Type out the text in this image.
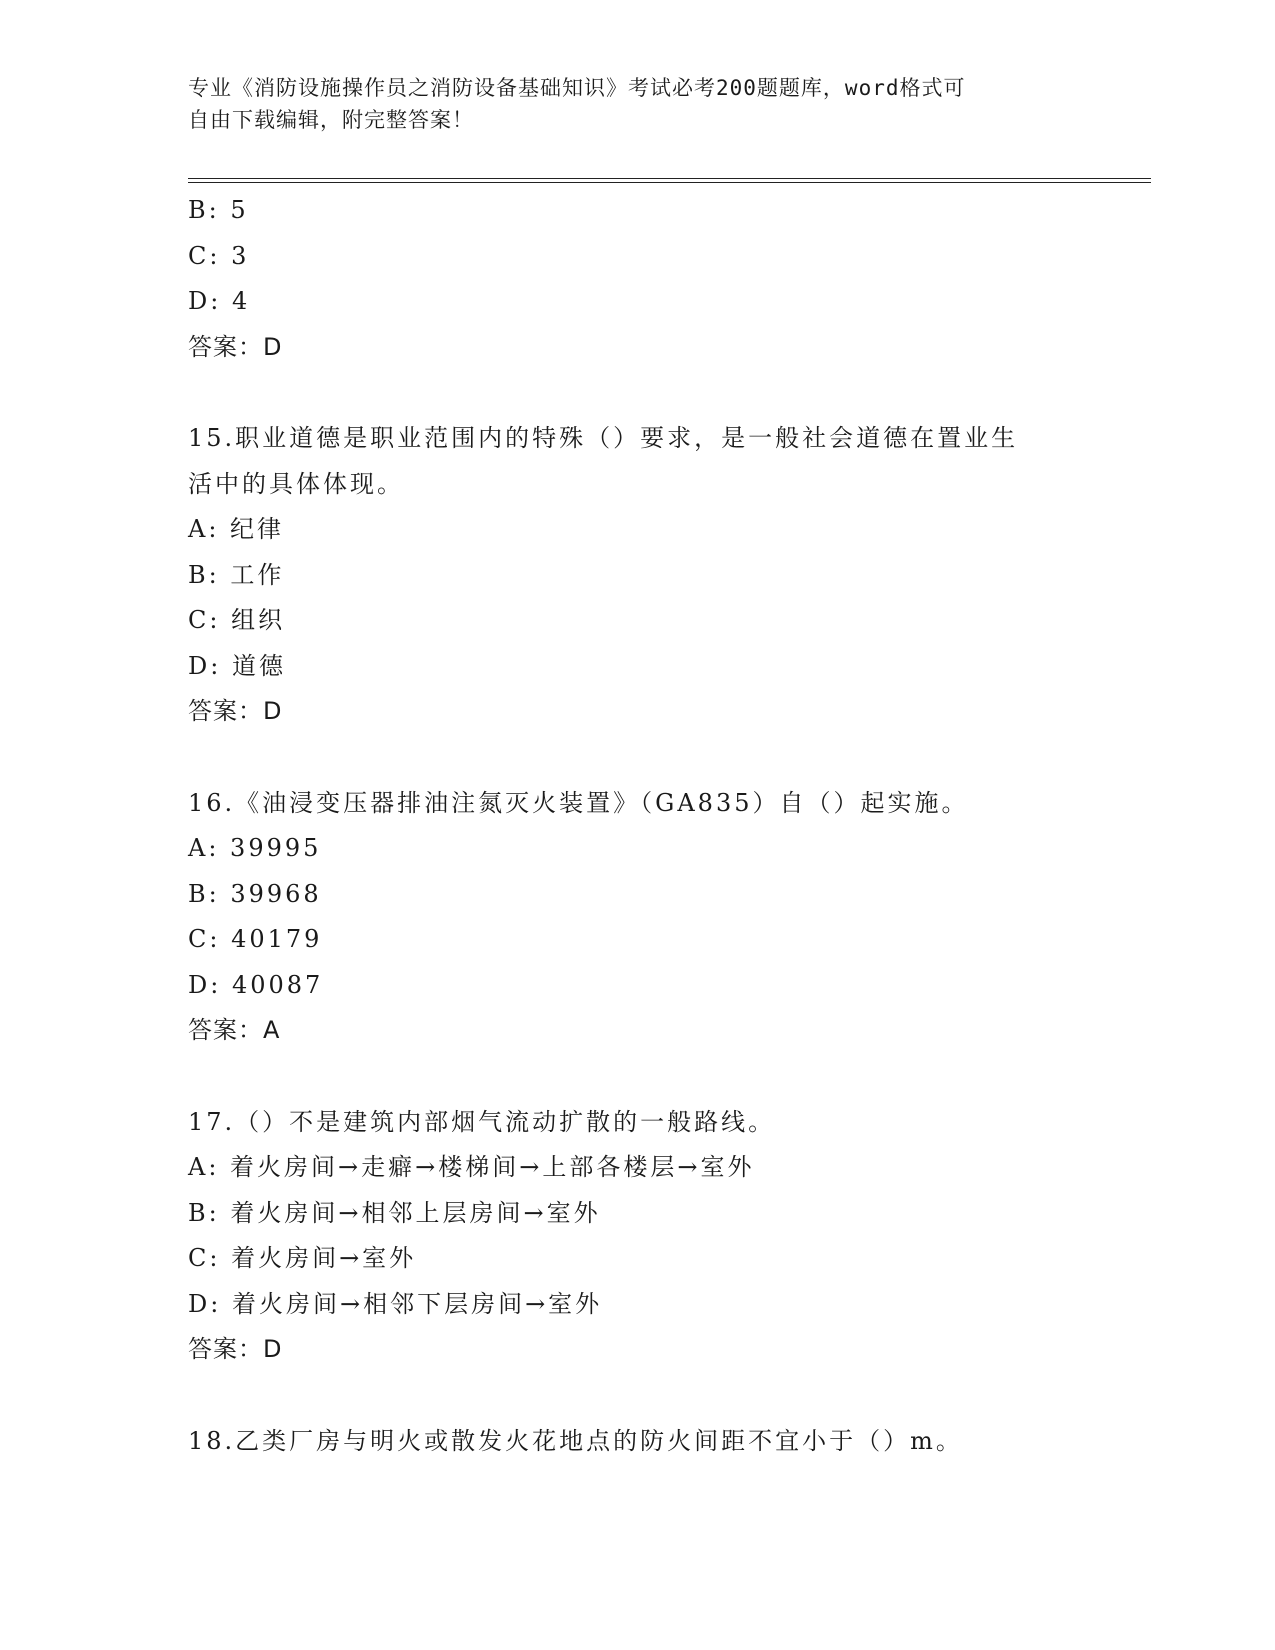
专业《消防设施操作员之消防设备基础知识》考试必考200题题库，word格式可
自由下载编辑，附完整答案！
B: 5
C: 3
D: 4
答案：D
15.职业道德是职业范围内的特殊（）要求，是一般社会道德在置业生
活中的具体体现。
A: 纪律
B: 工作
C: 组织
D: 道德
答案：D
16.《油浸变压器排油注氮灭火装置》（GA835）自（）起实施。
A: 39995
B: 39968
C: 40179
D: 40087
答案：A
17.（）不是建筑内部烟气流动扩散的一般路线。
A: 着火房间→走癖→楼梯间→上部各楼层→室外
B: 着火房间→相邻上层房间→室外
C: 着火房间→室外
D: 着火房间→相邻下层房间→室外
答案：D
18.乙类厂房与明火或散发火花地点的防火间距不宜小于（）m。
